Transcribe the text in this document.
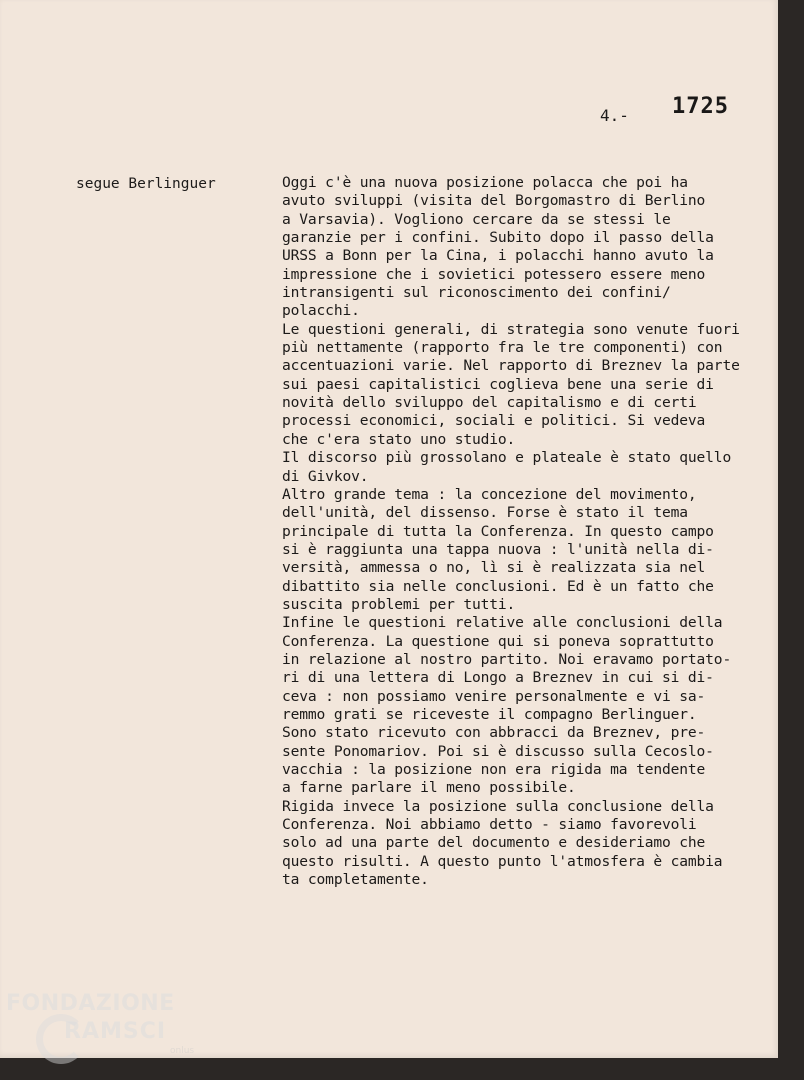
4.- 1725
segue Berlinguer	Oggi c'è una nuova posizione polacca che poi ha
avuto sviluppi (visita del Borgomastro di Berlino
a Varsavia). Vogliono cercare da se stessi le
garanzie per i confini. Subito dopo il passo della
URSS a Bonn per la Cina, i polacchi hanno avuto la
impressione che i sovietici potessero essere meno
intransigenti sul riconoscimento dei confini/
polacchi.
Le questioni generali, di strategia sono venute fuori
più nettamente (rapporto fra le tre componenti) con
accentuazioni varie. Nel rapporto di Breznev la parte
sui paesi capitalistici coglieva bene una serie di
novità dello sviluppo del capitalismo e di certi
processi economici, sociali e politici. Si vedeva
che c'era stato uno studio.
Il discorso più grossolano e plateale è stato quello
di Givkov.
Altro grande tema : la concezione del movimento,
dell'unità, del dissenso. Forse è stato il tema
principale di tutta la Conferenza. In questo campo
si è raggiunta una tappa nuova : l'unità nella di-
versità, ammessa o no, lì si è realizzata sia nel
dibattito sia nelle conclusioni. Ed è un fatto che
suscita problemi per tutti.
Infine le questioni relative alle conclusioni della
Conferenza. La questione qui si poneva soprattutto
in relazione al nostro partito. Noi eravamo portato-
ri di una lettera di Longo a Breznev in cui si di-
ceva : non possiamo venire personalmente e vi sa-
remmo grati se riceveste il compagno Berlinguer.
Sono stato ricevuto con abbracci da Breznev, pre-
sente Ponomariov. Poi si è discusso sulla Cecoslo-
vacchia : la posizione non era rigida ma tendente
a farne parlare il meno possibile.
Rigida invece la posizione sulla conclusione della
Conferenza. Noi abbiamo detto - siamo favorevoli
solo ad una parte del documento e desideriamo che
questo risulti. A questo punto l'atmosfera è cambia
ta completamente.
FONDAZIONE
RAMSCI
onlus
